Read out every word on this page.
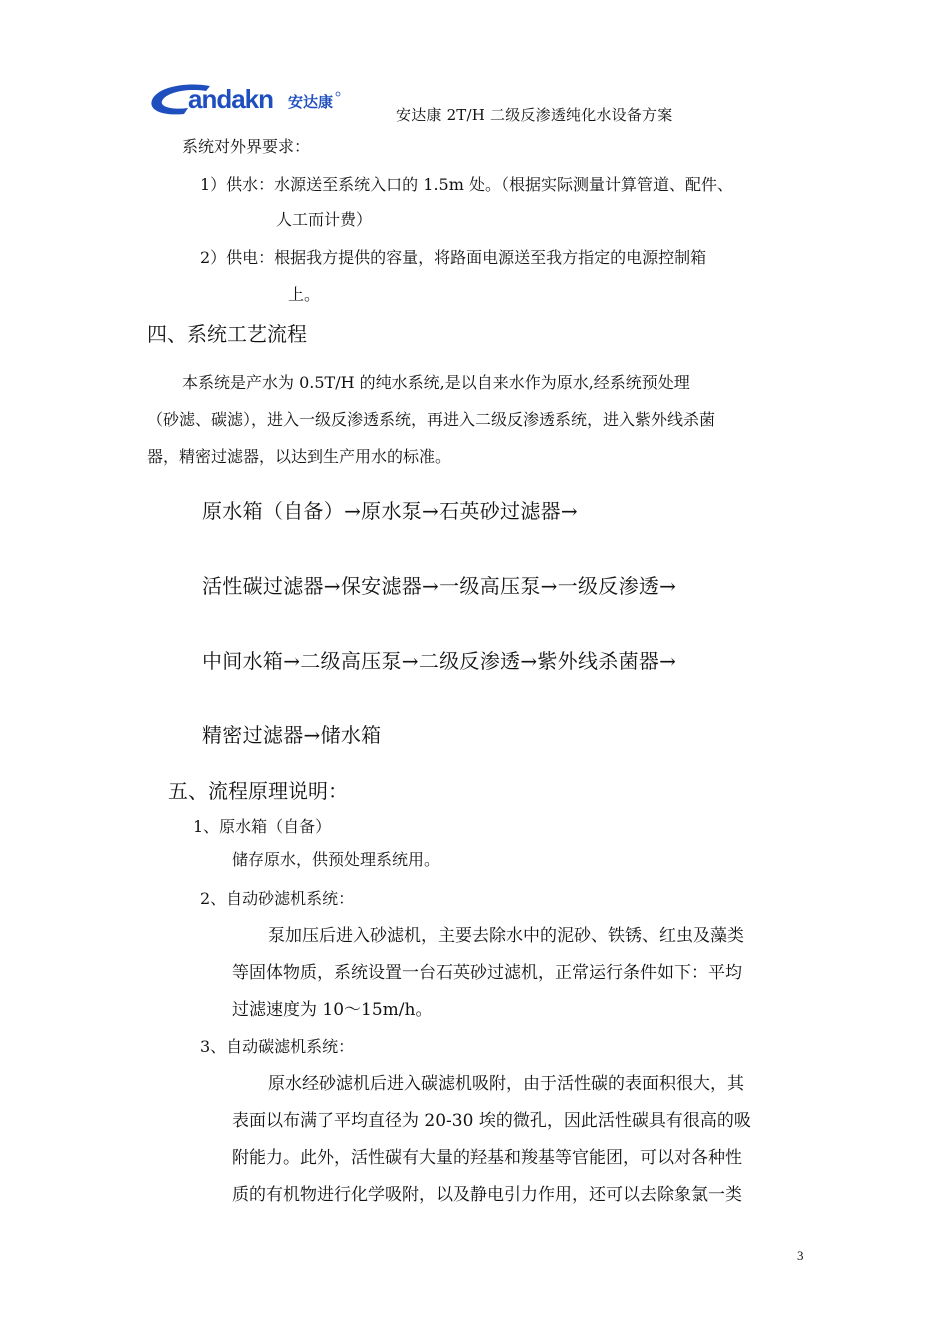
andakn 安达康
安达康 2T/H 二级反渗透纯化水设备方案
系统对外界要求：
1）供水：水源送至系统入口的 1.5m 处。（根据实际测量计算管道、配件、
人工而计费）
2）供电：根据我方提供的容量，将路面电源送至我方指定的电源控制箱
上。
四、系统工艺流程
本系统是产水为 0.5T/H 的纯水系统,是以自来水作为原水,经系统预处理
（砂滤、碳滤），进入一级反渗透系统，再进入二级反渗透系统，进入紫外线杀菌
器，精密过滤器，以达到生产用水的标准。
原水箱（自备）→原水泵→石英砂过滤器→
活性碳过滤器→保安滤器→一级高压泵→一级反渗透→
中间水箱→二级高压泵→二级反渗透→紫外线杀菌器→
精密过滤器→储水箱
五、流程原理说明：
1、原水箱（自备）
储存原水，供预处理系统用。
2、自动砂滤机系统：
泵加压后进入砂滤机，主要去除水中的泥砂、铁锈、红虫及藻类
等固体物质，系统设置一台石英砂过滤机，正常运行条件如下：平均
过滤速度为 10～15m/h。
3、自动碳滤机系统：
原水经砂滤机后进入碳滤机吸附，由于活性碳的表面积很大，其
表面以布满了平均直径为 20-30 埃的微孔，因此活性碳具有很高的吸
附能力。此外，活性碳有大量的羟基和羧基等官能团，可以对各种性
质的有机物进行化学吸附，以及静电引力作用，还可以去除象氯一类
3
